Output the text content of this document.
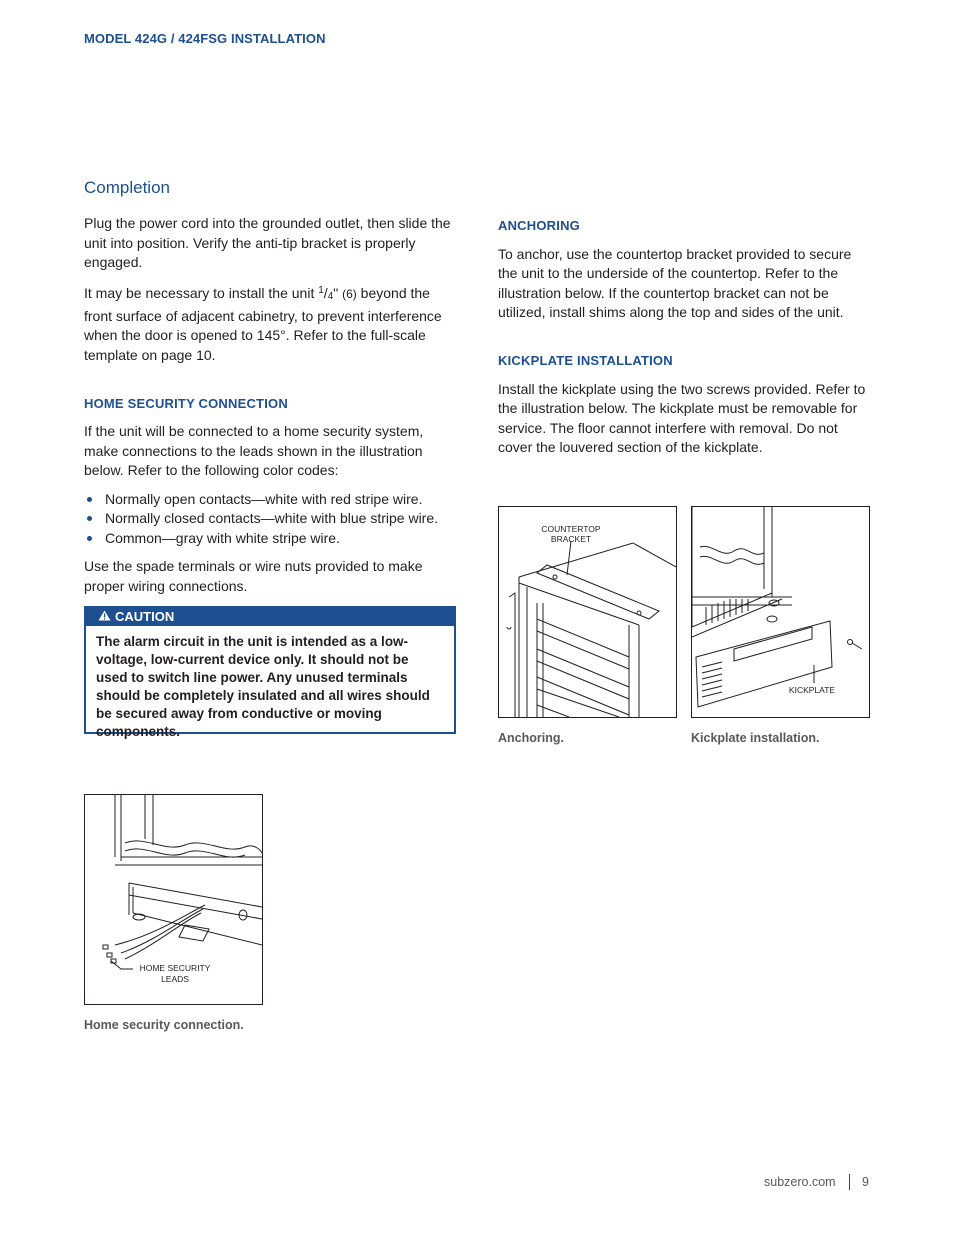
MODEL 424G / 424FSG INSTALLATION
Completion

Plug the power cord into the grounded outlet, then slide the unit into position. Verify the anti-tip bracket is properly engaged.

It may be necessary to install the unit $^1/_4$" (6) beyond the front surface of adjacent cabinetry, to prevent interference when the door is opened to 145°. Refer to the full-scale template on page 10.

HOME SECURITY CONNECTION

If the unit will be connected to a home security system, make connections to the leads shown in the illustration below. Refer to the following color codes:

Normally open contacts—white with red stripe wire.
Normally closed contacts—white with blue stripe wire.
Common—gray with white stripe wire.

Use the spade terminals or wire nuts provided to make proper wiring connections.

CAUTION
The alarm circuit in the unit is intended as a low-voltage, low-current device only. It should not be used to switch line power. Any unused terminals should be completely insulated and all wires should be secured away from conductive or moving components.
ANCHORING

To anchor, use the countertop bracket provided to secure the unit to the underside of the countertop. Refer to the illustration below. If the countertop bracket can not be utilized, install shims along the top and sides of the unit.

KICKPLATE INSTALLATION

Install the kickplate using the two screws provided. Refer to the illustration below. The kickplate must be removable for service. The floor cannot interfere with removal. Do not cover the louvered section of the kickplate.

COUNTERTOP
BRACKET
Anchoring.
KICKPLATE
Kickplate installation.
HOME SECURITY
LEADS
Home security connection.
subzero.com 9
